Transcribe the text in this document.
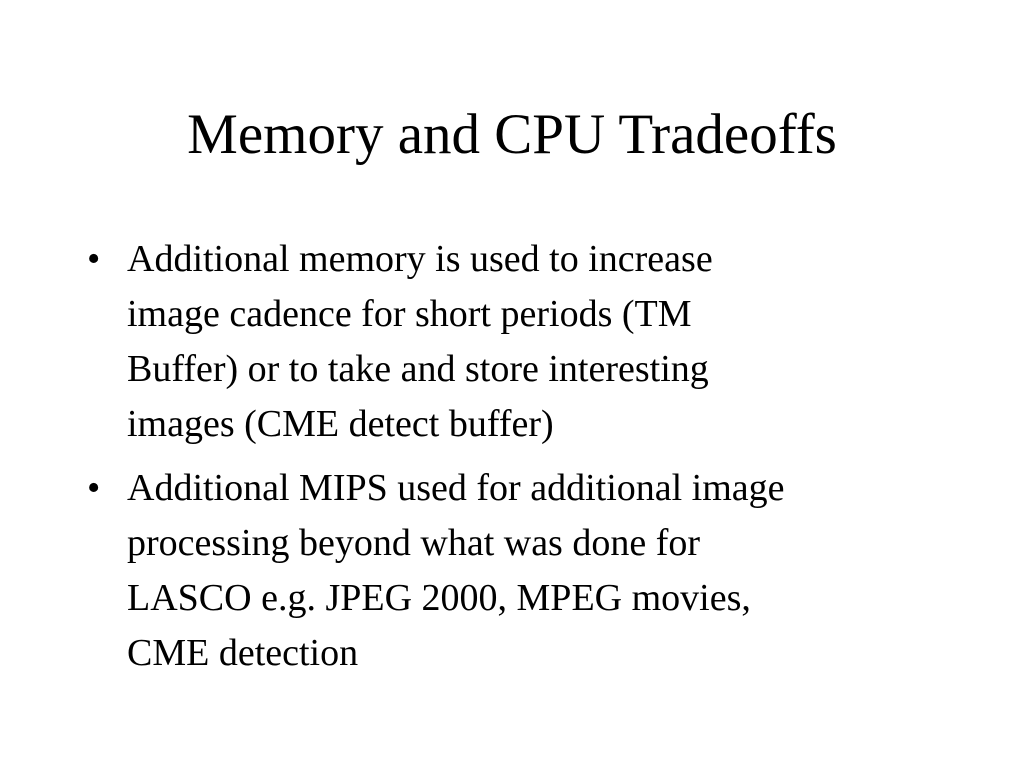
Memory and CPU Tradeoffs
• Additional memory is used to increase
image cadence for short periods (TM
Buffer) or to take and store interesting
images (CME detect buffer)
• Additional MIPS used for additional image
processing beyond what was done for
LASCO e.g. JPEG 2000, MPEG movies,
CME detection
